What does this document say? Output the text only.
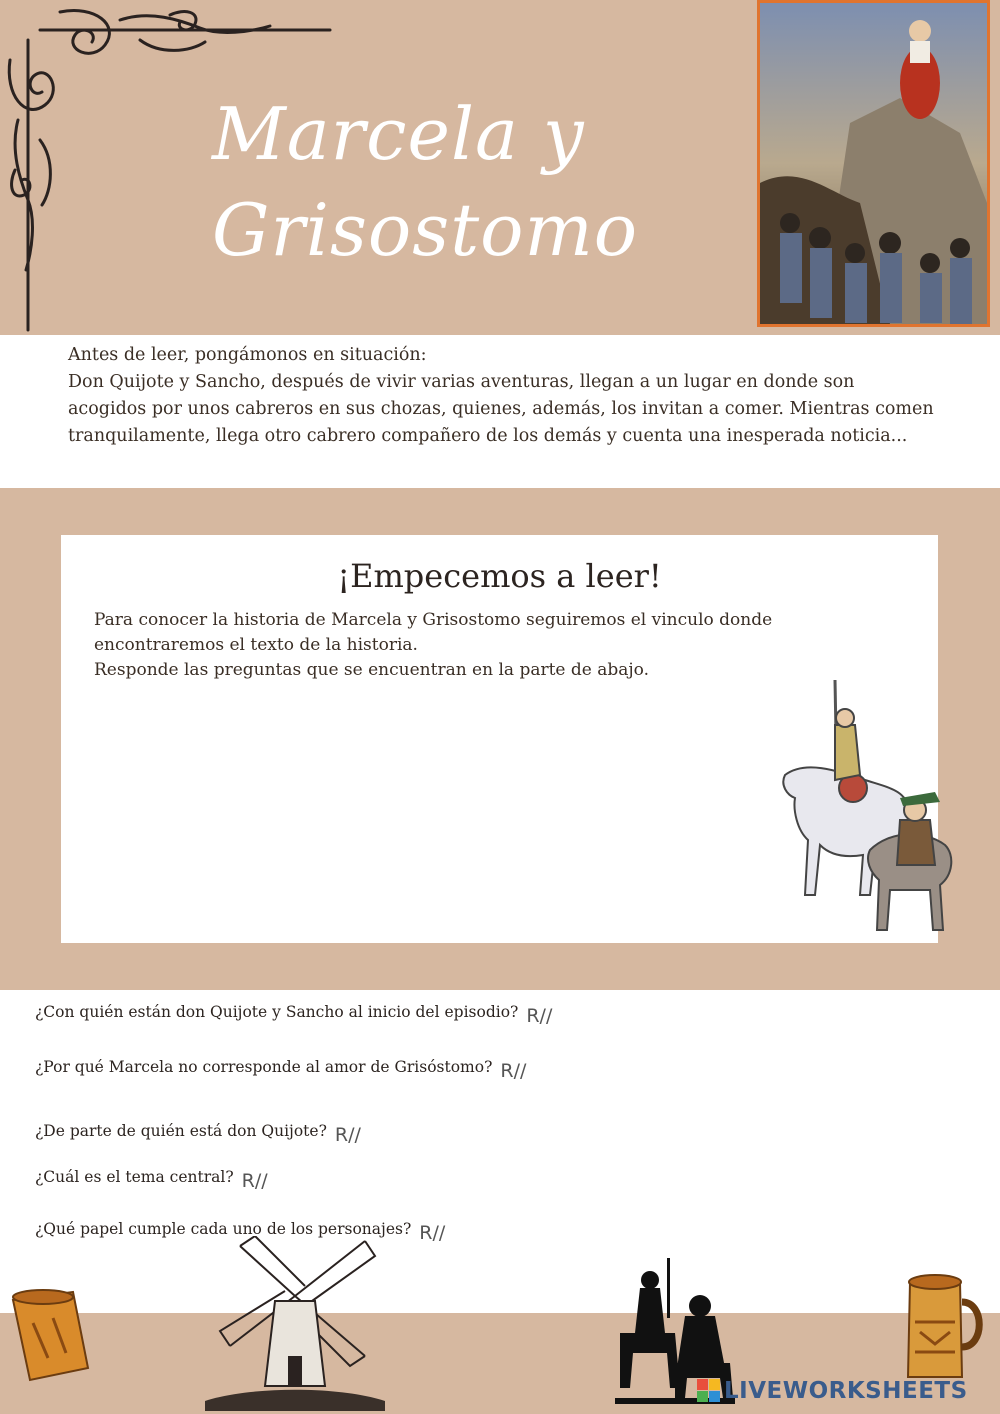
Marcela y
Grisostomo

Antes de leer, pongámonos en situación:

Don Quijote y Sancho, después de vivir varias aventuras, llegan a un lugar en donde son acogidos por unos cabreros en sus chozas, quienes, además, los invitan a comer. Mientras comen tranquilamente, llega otro cabrero compañero de los demás y cuenta una inesperada noticia...

¡Empecemos a leer!

Para conocer la historia de Marcela y Grisostomo seguiremos el vinculo donde encontraremos el texto de la historia.

Responde las preguntas que se encuentran en la parte de abajo.

¿Con quién están don Quijote y Sancho al inicio del episodio? R//
¿Por qué Marcela no corresponde al amor de Grisóstomo? R//
¿De parte de quién está don Quijote? R//
¿Cuál es el tema central? R//
¿Qué papel cumple cada uno de los personajes? R//
LIVEWORKSHEETS
